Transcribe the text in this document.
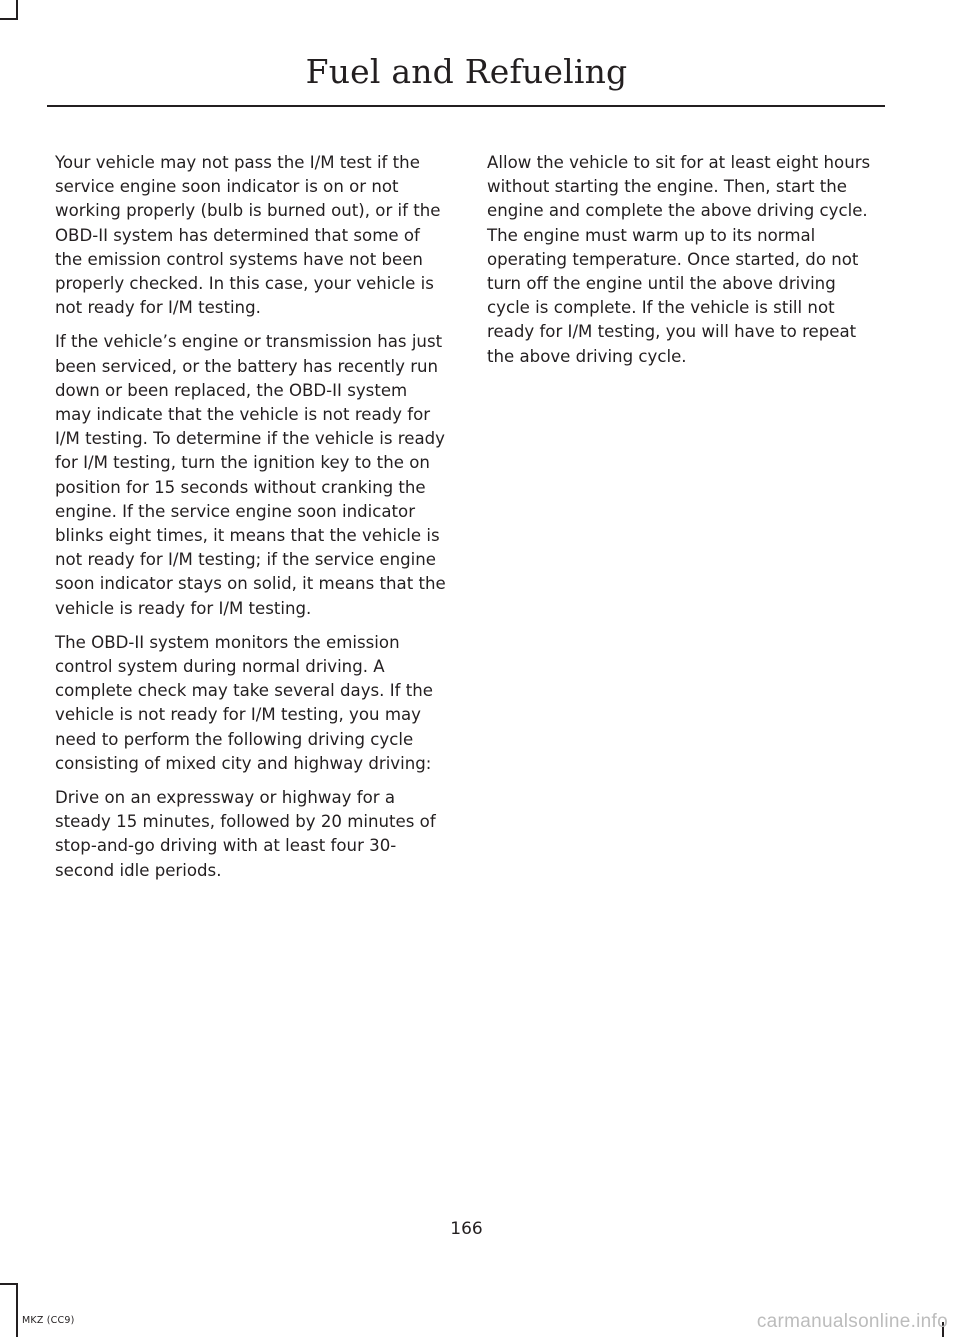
Fuel and Refueling

Your vehicle may not pass the I/M test if the service engine soon indicator is on or not working properly (bulb is burned out), or if the OBD-II system has determined that some of the emission control systems have not been properly checked. In this case, your vehicle is not ready for I/M testing.

If the vehicle’s engine or transmission has just been serviced, or the battery has recently run down or been replaced, the OBD-II system may indicate that the vehicle is not ready for I/M testing. To determine if the vehicle is ready for I/M testing, turn the ignition key to the on position for 15 seconds without cranking the engine. If the service engine soon indicator blinks eight times, it means that the vehicle is not ready for I/M testing; if the service engine soon indicator stays on solid, it means that the vehicle is ready for I/M testing.

The OBD-II system monitors the emission control system during normal driving. A complete check may take several days. If the vehicle is not ready for I/M testing, you may need to perform the following driving cycle consisting of mixed city and highway driving:

Drive on an expressway or highway for a steady 15 minutes, followed by 20 minutes of stop-and-go driving with at least four 30-second idle periods.

Allow the vehicle to sit for at least eight hours without starting the engine. Then, start the engine and complete the above driving cycle. The engine must warm up to its normal operating temperature. Once started, do not turn off the engine until the above driving cycle is complete. If the vehicle is still not ready for I/M testing, you will have to repeat the above driving cycle.

166
MKZ (CC9)	carmanualsonline.info
